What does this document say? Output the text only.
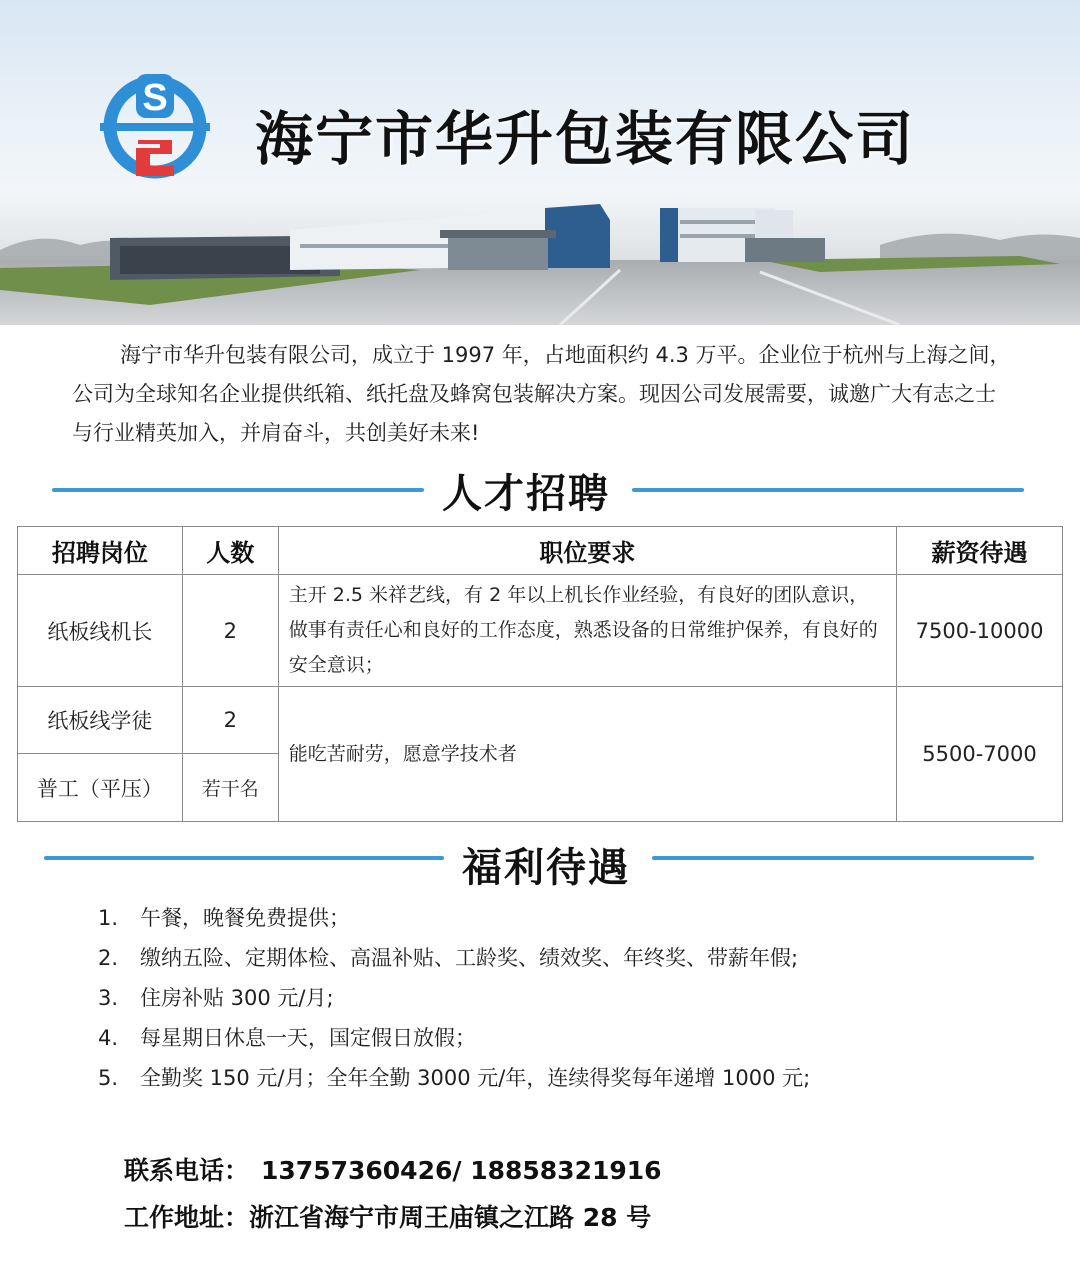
S
海宁市华升包装有限公司

海宁市华升包装有限公司，成立于 1997 年，占地面积约 4.3 万平。企业位于杭州与上海之间，公司为全球知名企业提供纸箱、纸托盘及蜂窝包装解决方案。现因公司发展需要，诚邀广大有志之士与行业精英加入，并肩奋斗，共创美好未来!

人才招聘
招聘岗位	人数	职位要求	薪资待遇
纸板线机长	2	主开 2.5 米祥艺线，有 2 年以上机长作业经验，有良好的团队意识，做事有责任心和良好的工作态度，熟悉设备的日常维护保养，有良好的安全意识；	7500-10000
纸板线学徒	2	能吃苦耐劳，愿意学技术者	5500-7000
普工（平压）	若干名		
福利待遇
1. 午餐，晚餐免费提供；
2. 缴纳五险、定期体检、高温补贴、工龄奖、绩效奖、年终奖、带薪年假;
3. 住房补贴 300 元/月;
4. 每星期日休息一天，国定假日放假；
5. 全勤奖 150 元/月；全年全勤 3000 元/年，连续得奖每年递增 1000 元;
联系电话： 13757360426/ 18858321916
工作地址：浙江省海宁市周王庙镇之江路 28 号
